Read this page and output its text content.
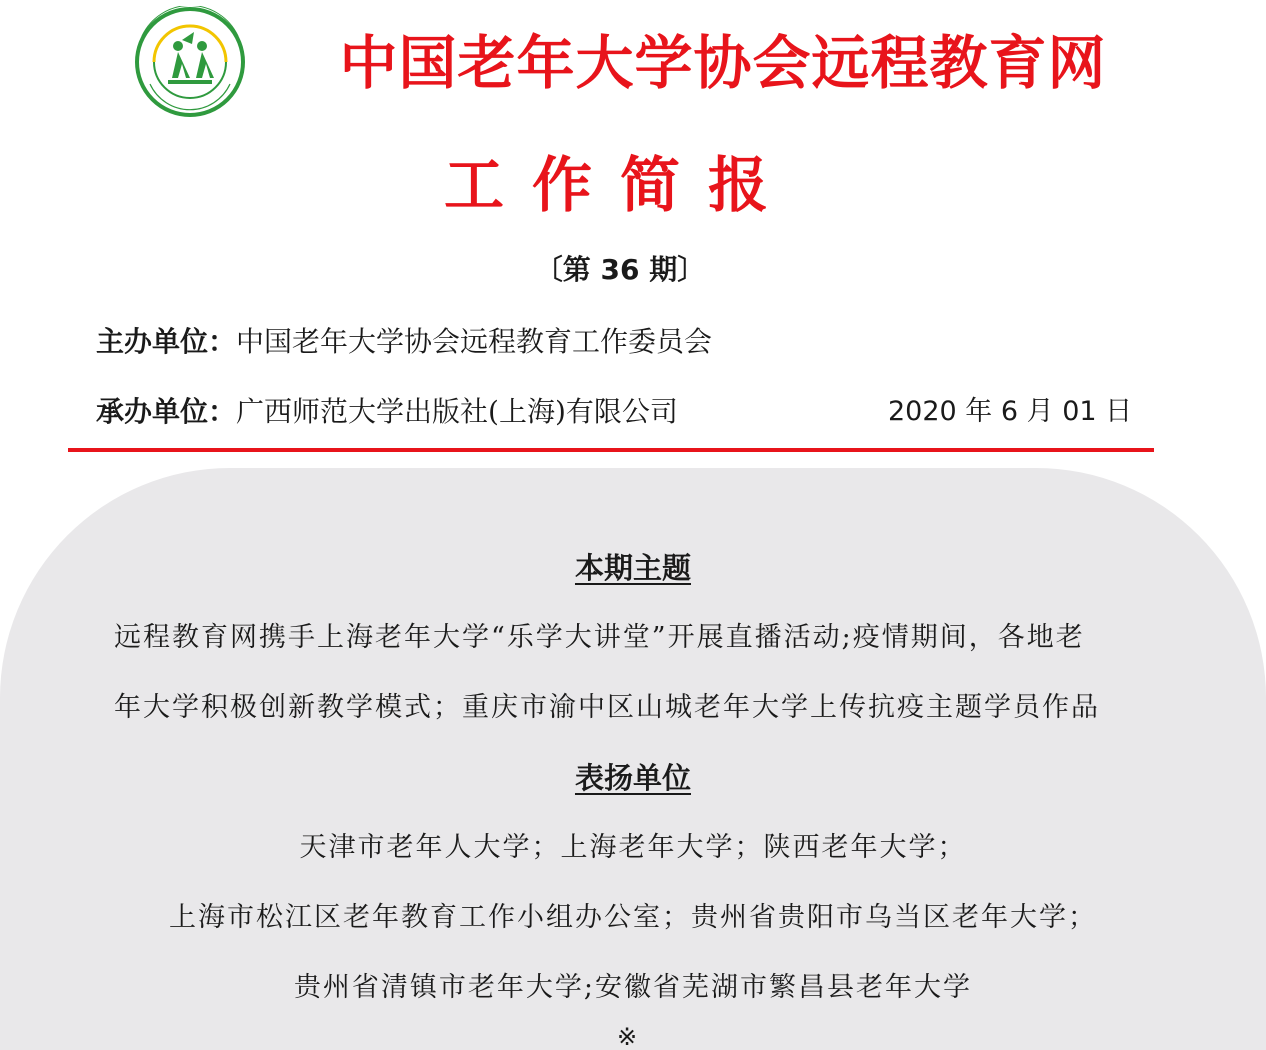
中国老年大学协会远程教育网
工作简报
〔第 36 期〕
主办单位：中国老年大学协会远程教育工作委员会
承办单位：广西师范大学出版社(上海)有限公司	2020 年 6 月 01 日
本期主题
远程教育网携手上海老年大学“乐学大讲堂”开展直播活动;疫情期间，各地老
年大学积极创新教学模式；重庆市渝中区山城老年大学上传抗疫主题学员作品
表扬单位
天津市老年人大学；上海老年大学；陕西老年大学；
上海市松江区老年教育工作小组办公室；贵州省贵阳市乌当区老年大学；
贵州省清镇市老年大学;安徽省芜湖市繁昌县老年大学
※
